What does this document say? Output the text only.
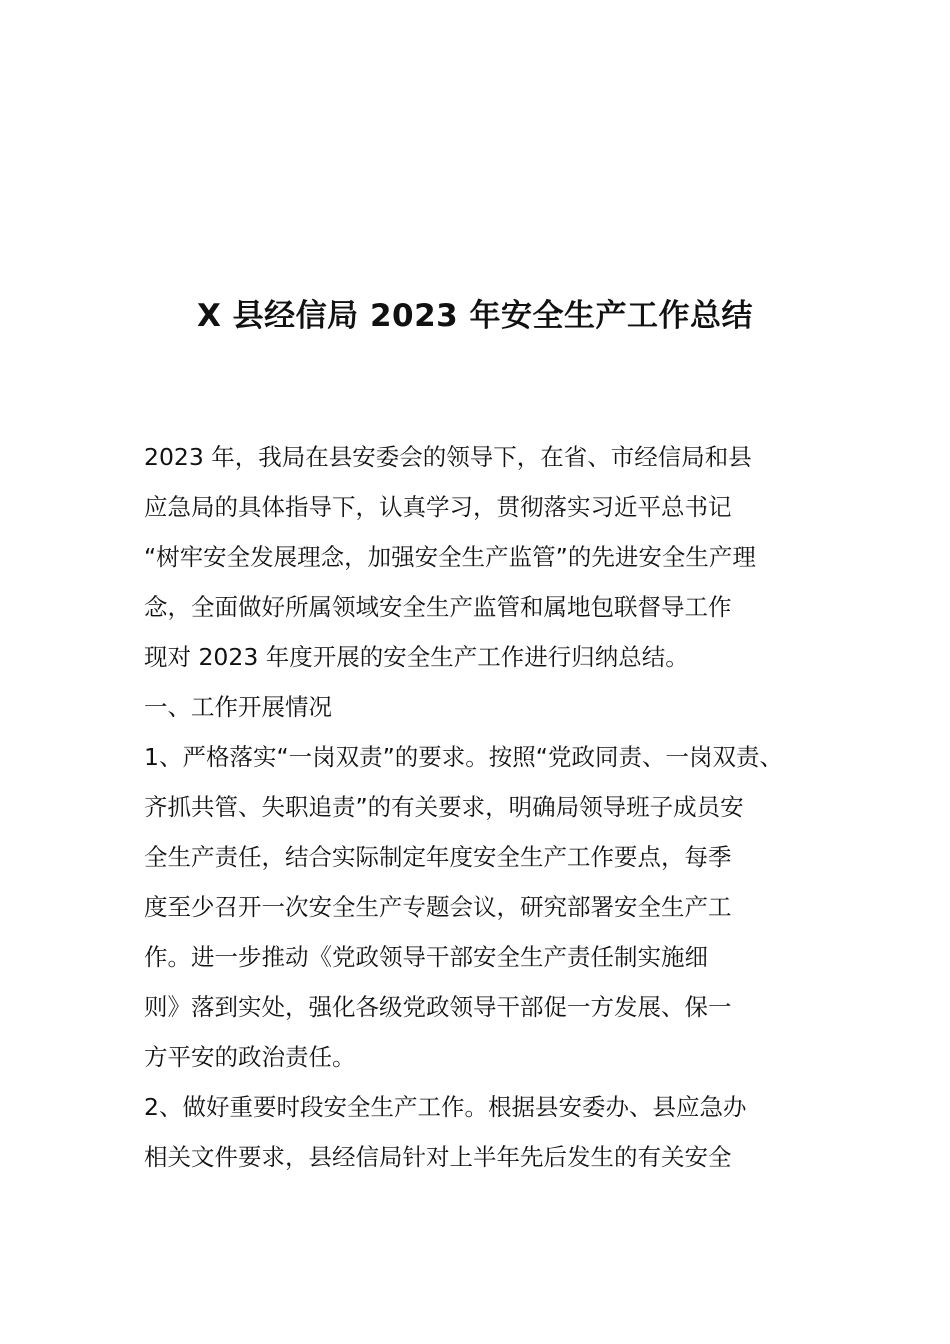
X 县经信局 2023 年安全生产工作总结
2023 年，我局在县安委会的领导下，在省、市经信局和县
应急局的具体指导下，认真学习，贯彻落实习近平总书记
“树牢安全发展理念，加强安全生产监管”的先进安全生产理
念，全面做好所属领域安全生产监管和属地包联督导工作
现对 2023 年度开展的安全生产工作进行归纳总结。
一、工作开展情况
1、严格落实“一岗双责”的要求。按照“党政同责、一岗双责、
齐抓共管、失职追责”的有关要求，明确局领导班子成员安
全生产责任，结合实际制定年度安全生产工作要点，每季
度至少召开一次安全生产专题会议，研究部署安全生产工
作。进一步推动《党政领导干部安全生产责任制实施细
则》落到实处，强化各级党政领导干部促一方发展、保一
方平安的政治责任。
2、做好重要时段安全生产工作。根据县安委办、县应急办
相关文件要求，县经信局针对上半年先后发生的有关安全
